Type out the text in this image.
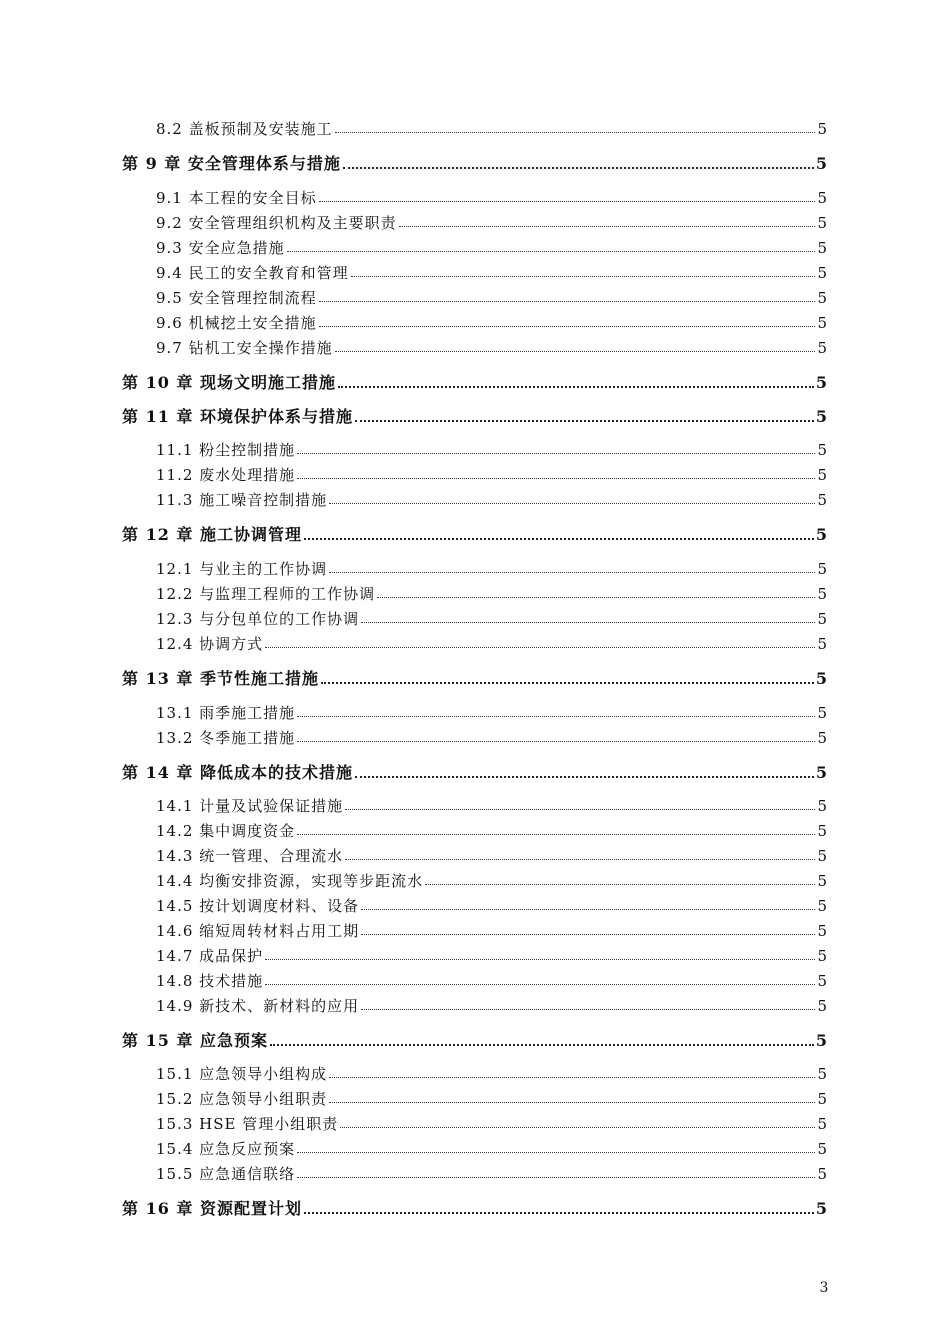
8.2 盖板预制及安装施工	5
第 9 章 安全管理体系与措施	5
9.1 本工程的安全目标	5
9.2 安全管理组织机构及主要职责	5
9.3 安全应急措施	5
9.4 民工的安全教育和管理	5
9.5 安全管理控制流程	5
9.6 机械挖土安全措施	5
9.7 钻机工安全操作措施	5
第 10 章 现场文明施工措施	5
第 11 章 环境保护体系与措施	5
11.1 粉尘控制措施	5
11.2 废水处理措施	5
11.3 施工噪音控制措施	5
第 12 章 施工协调管理	5
12.1 与业主的工作协调	5
12.2 与监理工程师的工作协调	5
12.3 与分包单位的工作协调	5
12.4 协调方式	5
第 13 章 季节性施工措施	5
13.1 雨季施工措施	5
13.2 冬季施工措施	5
第 14 章 降低成本的技术措施	5
14.1 计量及试验保证措施	5
14.2 集中调度资金	5
14.3 统一管理、合理流水	5
14.4 均衡安排资源，实现等步距流水	5
14.5 按计划调度材料、设备	5
14.6 缩短周转材料占用工期	5
14.7 成品保护	5
14.8 技术措施	5
14.9 新技术、新材料的应用	5
第 15 章 应急预案	5
15.1 应急领导小组构成	5
15.2 应急领导小组职责	5
15.3 HSE 管理小组职责	5
15.4 应急反应预案	5
15.5 应急通信联络	5
第 16 章 资源配置计划	5
3
